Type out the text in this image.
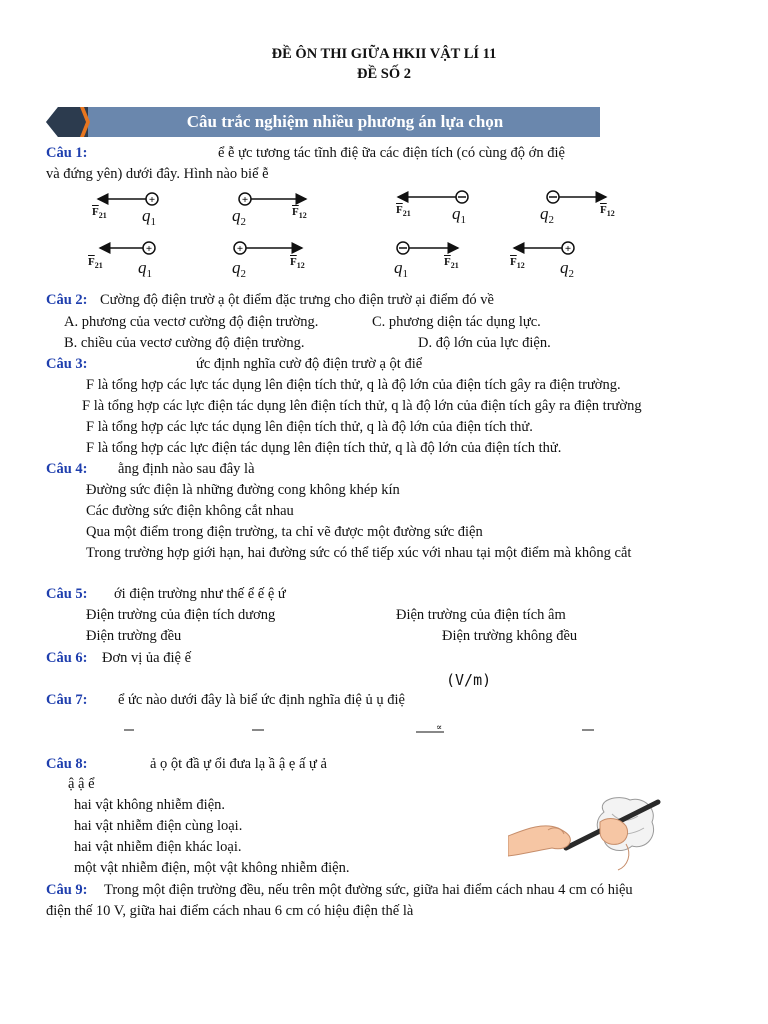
ĐỀ ÔN THI GIỮA HKII VẬT LÍ 11
ĐỀ SỐ 2
Câu trắc nghiệm nhiều phương án lựa chọn
Câu 1:	ể ễ ực tương tác tĩnh điệ ữa các điện tích (có cùng độ ớn điệ
và đứng yên) dưới đây. Hình nào biể ễ
+	+
+	+	+
$\overline{F}_{21}$ $q_1$	$q_2$
$\overline{F}_{12}$	$\overline{F}_{21}$ $q_1$	$q_2$
$\overline{F}_{12}$
$\overline{F}_{21}$ $q_1$	$q_2$
$\overline{F}_{12}$	$q_1$
$\overline{F}_{21}$	$\overline{F}_{12}$ $q_2$
Câu 2: Cường độ điện trườ ạ ột điểm đặc trưng cho điện trườ ại điểm đó về
A. phương của vectơ cường độ điện trường.	C. phương diện tác dụng lực.
B. chiều của vectơ cường độ điện trường.	D. độ lớn của lực điện.
Câu 3:	ức định nghĩa cườ độ điện trườ ạ ột điể
F là tổng hợp các lực tác dụng lên điện tích thử, q là độ lớn của điện tích gây ra điện trường.
F là tổng hợp các lực điện tác dụng lên điện tích thử, q là độ lớn của điện tích gây ra điện trường
F là tổng hợp các lực tác dụng lên điện tích thử, q là độ lớn của điện tích thử.
F là tổng hợp các lực điện tác dụng lên điện tích thử, q là độ lớn của điện tích thử.
Câu 4: ằng định nào sau đây là
Đường sức điện là những đường cong không khép kín
Các đường sức điện không cắt nhau
Qua một điểm trong điện trường, ta chỉ vẽ được một đường sức điện
Trong trường hợp giới hạn, hai đường sức có thể tiếp xúc với nhau tại một điểm mà không cắt
Câu 5: ới điện trường như thế ể ế ệ ứ
Điện trường của điện tích dương	Điện trường của điện tích âm
Điện trường đều	Điện trường không đều
Câu 6: Đơn vị ủa điệ ế
(V/m)
Câu 7: ể ức nào dưới đây là biể ức định nghĩa điệ ủ ụ điệ
∝
Câu 8:	ả ọ ột đầ ự ổi đưa lạ ầ ậ ẹ ấ ự ả
ậ ậ ể
hai vật không nhiễm điện.
hai vật nhiễm điện cùng loại.
hai vật nhiễm điện khác loại.
một vật nhiễm điện, một vật không nhiễm điện.
Câu 9: Trong một điện trường đều, nếu trên một đường sức, giữa hai điểm cách nhau 4 cm có hiệu
điện thế 10 V, giữa hai điểm cách nhau 6 cm có hiệu điện thế là
